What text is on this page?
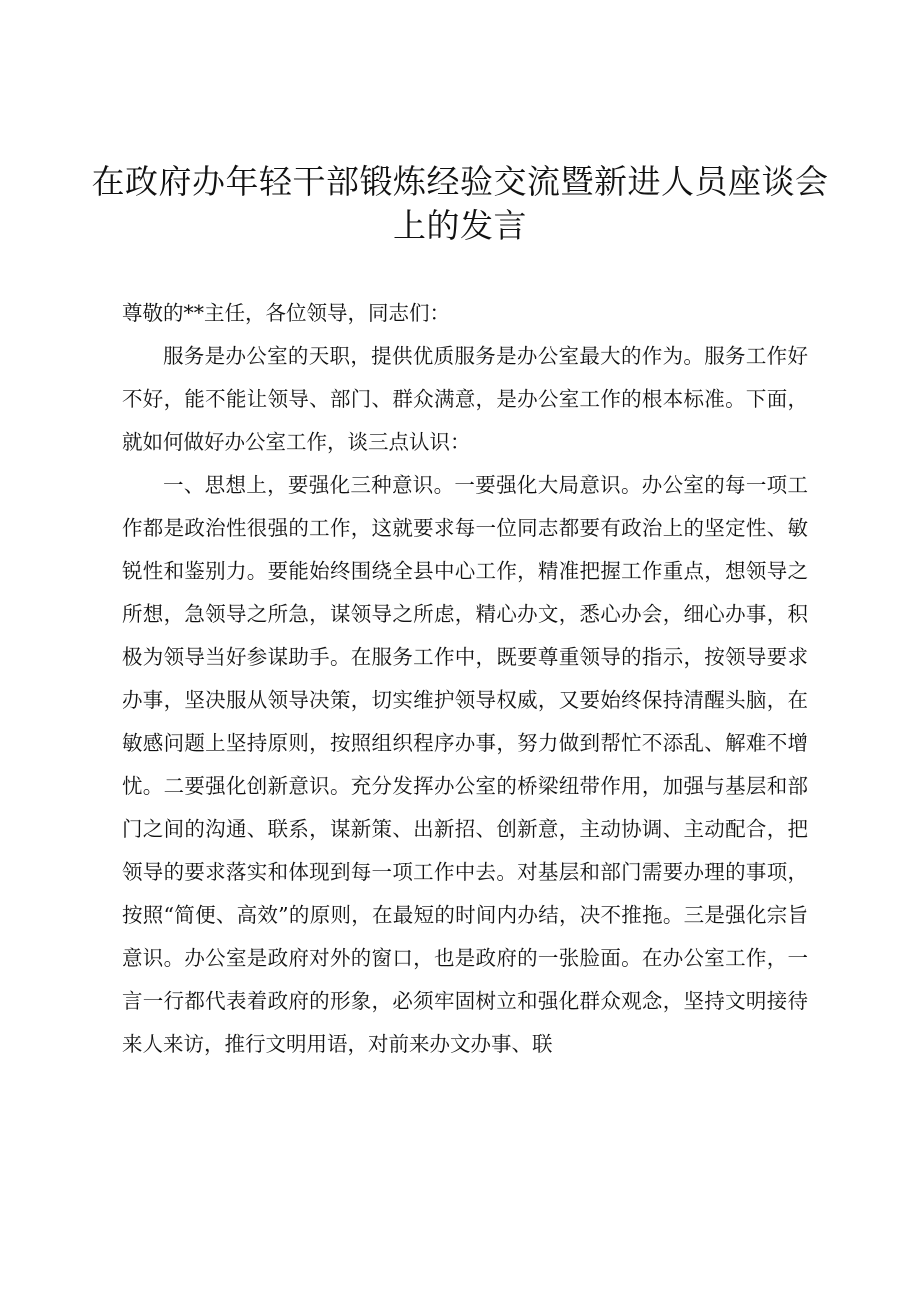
在政府办年轻干部锻炼经验交流暨新进人员座谈会上的发言

尊敬的**主任，各位领导，同志们：

服务是办公室的天职，提供优质服务是办公室最大的作为。服务工作好不好，能不能让领导、部门、群众满意，是办公室工作的根本标准。下面，就如何做好办公室工作，谈三点认识：

一、思想上，要强化三种意识。一要强化大局意识。办公室的每一项工作都是政治性很强的工作，这就要求每一位同志都要有政治上的坚定性、敏锐性和鉴别力。要能始终围绕全县中心工作，精准把握工作重点，想领导之所想，急领导之所急，谋领导之所虑，精心办文，悉心办会，细心办事，积极为领导当好参谋助手。在服务工作中，既要尊重领导的指示，按领导要求办事，坚决服从领导决策，切实维护领导权威，又要始终保持清醒头脑，在敏感问题上坚持原则，按照组织程序办事，努力做到帮忙不添乱、解难不增忧。二要强化创新意识。充分发挥办公室的桥梁纽带作用，加强与基层和部门之间的沟通、联系，谋新策、出新招、创新意，主动协调、主动配合，把领导的要求落实和体现到每一项工作中去。对基层和部门需要办理的事项，按照“简便、高效”的原则，在最短的时间内办结，决不推拖。三是强化宗旨意识。办公室是政府对外的窗口，也是政府的一张脸面。在办公室工作，一言一行都代表着政府的形象，必须牢固树立和强化群众观念，坚持文明接待来人来访，推行文明用语，对前来办文办事、联
